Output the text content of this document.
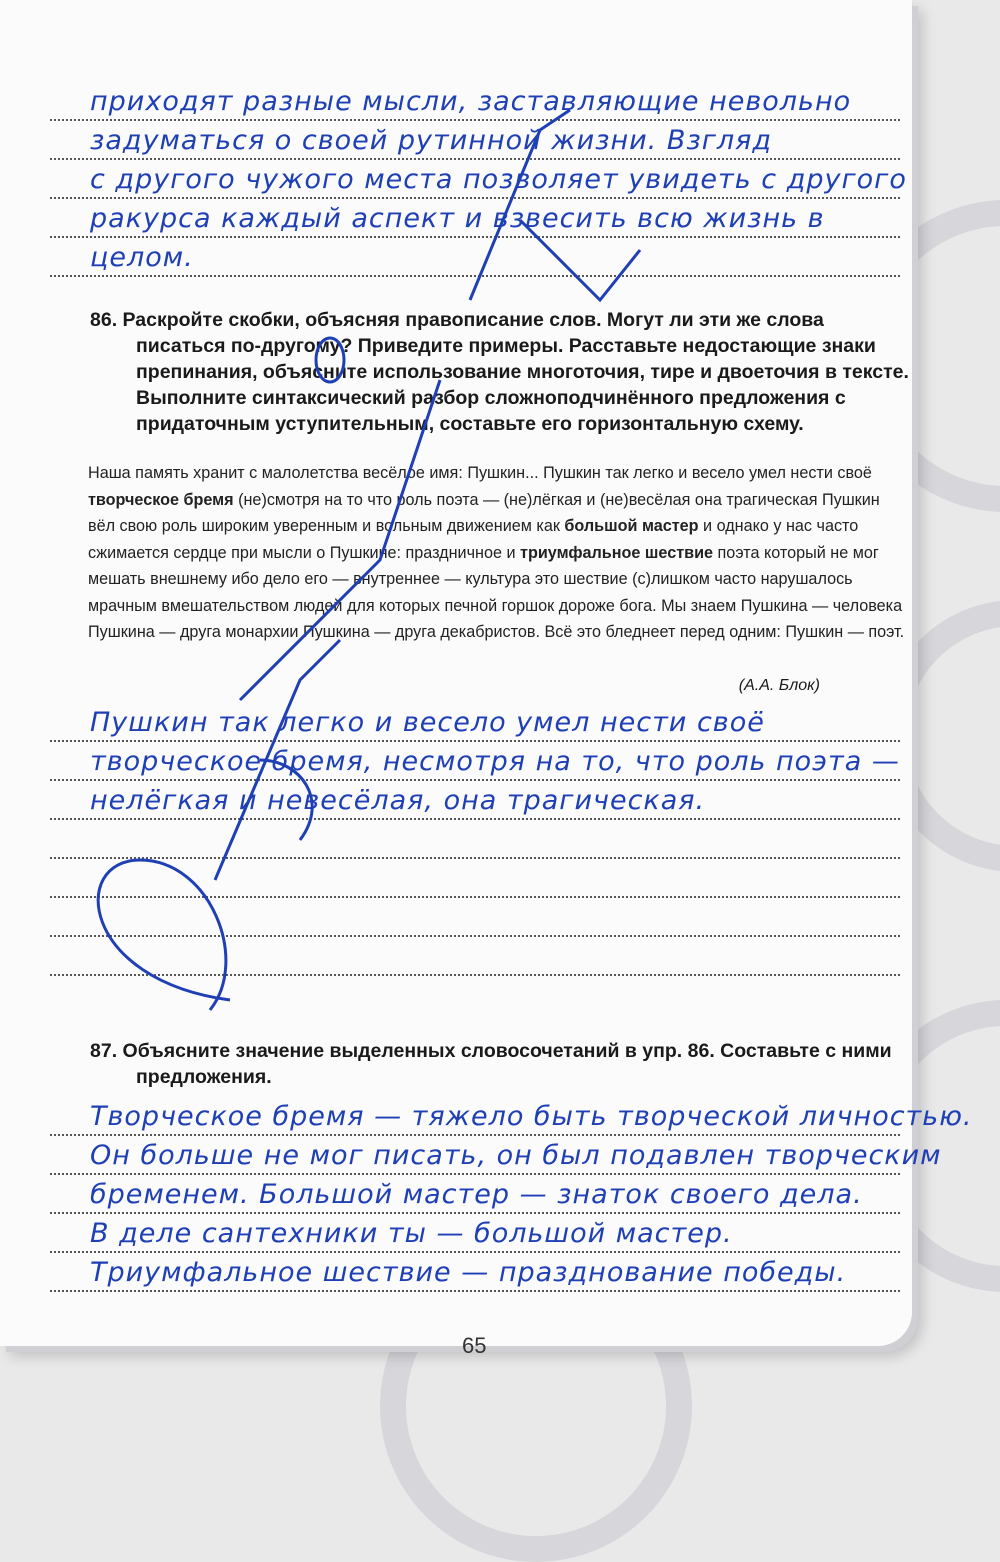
приходят разные мысли, заставляющие невольно
задуматься о своей рутинной жизни. Взгляд
с другого чужого места позволяет увидеть с другого
ракурса каждый аспект и взвесить всю жизнь в
целом.

86. Раскройте скобки, объясняя правописание слов. Могут ли эти же слова писаться по-другому? Приведите примеры. Расставьте недостающие знаки препинания, объясните использование многоточия, тире и двоеточия в тексте. Выполните синтаксический разбор сложноподчинённого предложения с придаточным уступительным, составьте его горизонтальную схему.

Наша память хранит с малолетства весёлое имя: Пушкин... Пушкин так легко и весело умел нести своё творческое бремя (не)смотря на то что роль поэта — (не)лёгкая и (не)весёлая она трагическая Пушкин вёл свою роль широким уверенным и вольным движением как большой мастер и однако у нас часто сжимается сердце при мысли о Пушкине: праздничное и триумфальное шествие поэта который не мог мешать внешнему ибо дело его — внутреннее — культура это шествие (с)лишком часто нарушалось мрачным вмешательством людей для которых печной горшок дороже бога. Мы знаем Пушкина — человека Пушкина — друга монархии Пушкина — друга декабристов. Всё это бледнеет перед одним: Пушкин — поэт.
(А.А. Блок)
Пушкин так легко и весело умел нести своё
творческое бремя, несмотря на то, что роль поэта —
нелёгкая и невесёлая, она трагическая.

87. Объясните значение выделенных словосочетаний в упр. 86. Составьте с ними предложения.

Творческое бремя — тяжело быть творческой личностью.
Он больше не мог писать, он был подавлен творческим
бременем. Большой мастер — знаток своего дела.
В деле сантехники ты — большой мастер.
Триумфальное шествие — празднование победы.
65
